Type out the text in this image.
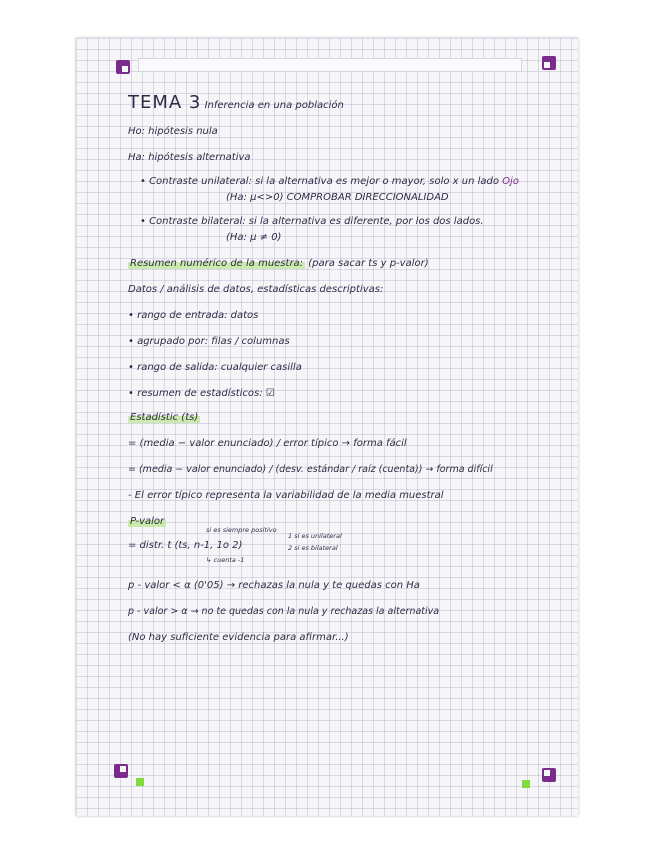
TEMA 3 Inferencia en una población

Ho: hipótesis nula

Ha: hipótesis alternativa

• Contraste unilateral: si la alternativa es mejor o mayor, solo x un lado Ojo

(Ha: μ<>0) COMPROBAR DIRECCIONALIDAD

• Contraste bilateral: si la alternativa es diferente, por los dos lados.

(Ha: μ ≠ 0)

Resumen numérico de la muestra: (para sacar ts y p-valor)

Datos / análisis de datos, estadísticas descriptivas:

• rango de entrada: datos

• agrupado por: filas / columnas

• rango de salida: cualquier casilla

• resumen de estadísticos: ☑

Estadístic (ts)

= (media − valor enunciado) / error típico → forma fácil

= (media − valor enunciado) / (desv. estándar / raíz (cuenta)) → forma difícil

- El error típico representa la variabilidad de la media muestral

P-valor

si es siempre positivo

= distr. t (ts, n-1, 1o 2)

↳ cuenta -1

1 si es unilateral

2 si es bilateral

p - valor < α (0'05) → rechazas la nula y te quedas con Ha

p - valor > α → no te quedas con la nula y rechazas la alternativa

(No hay suficiente evidencia para afirmar...)
